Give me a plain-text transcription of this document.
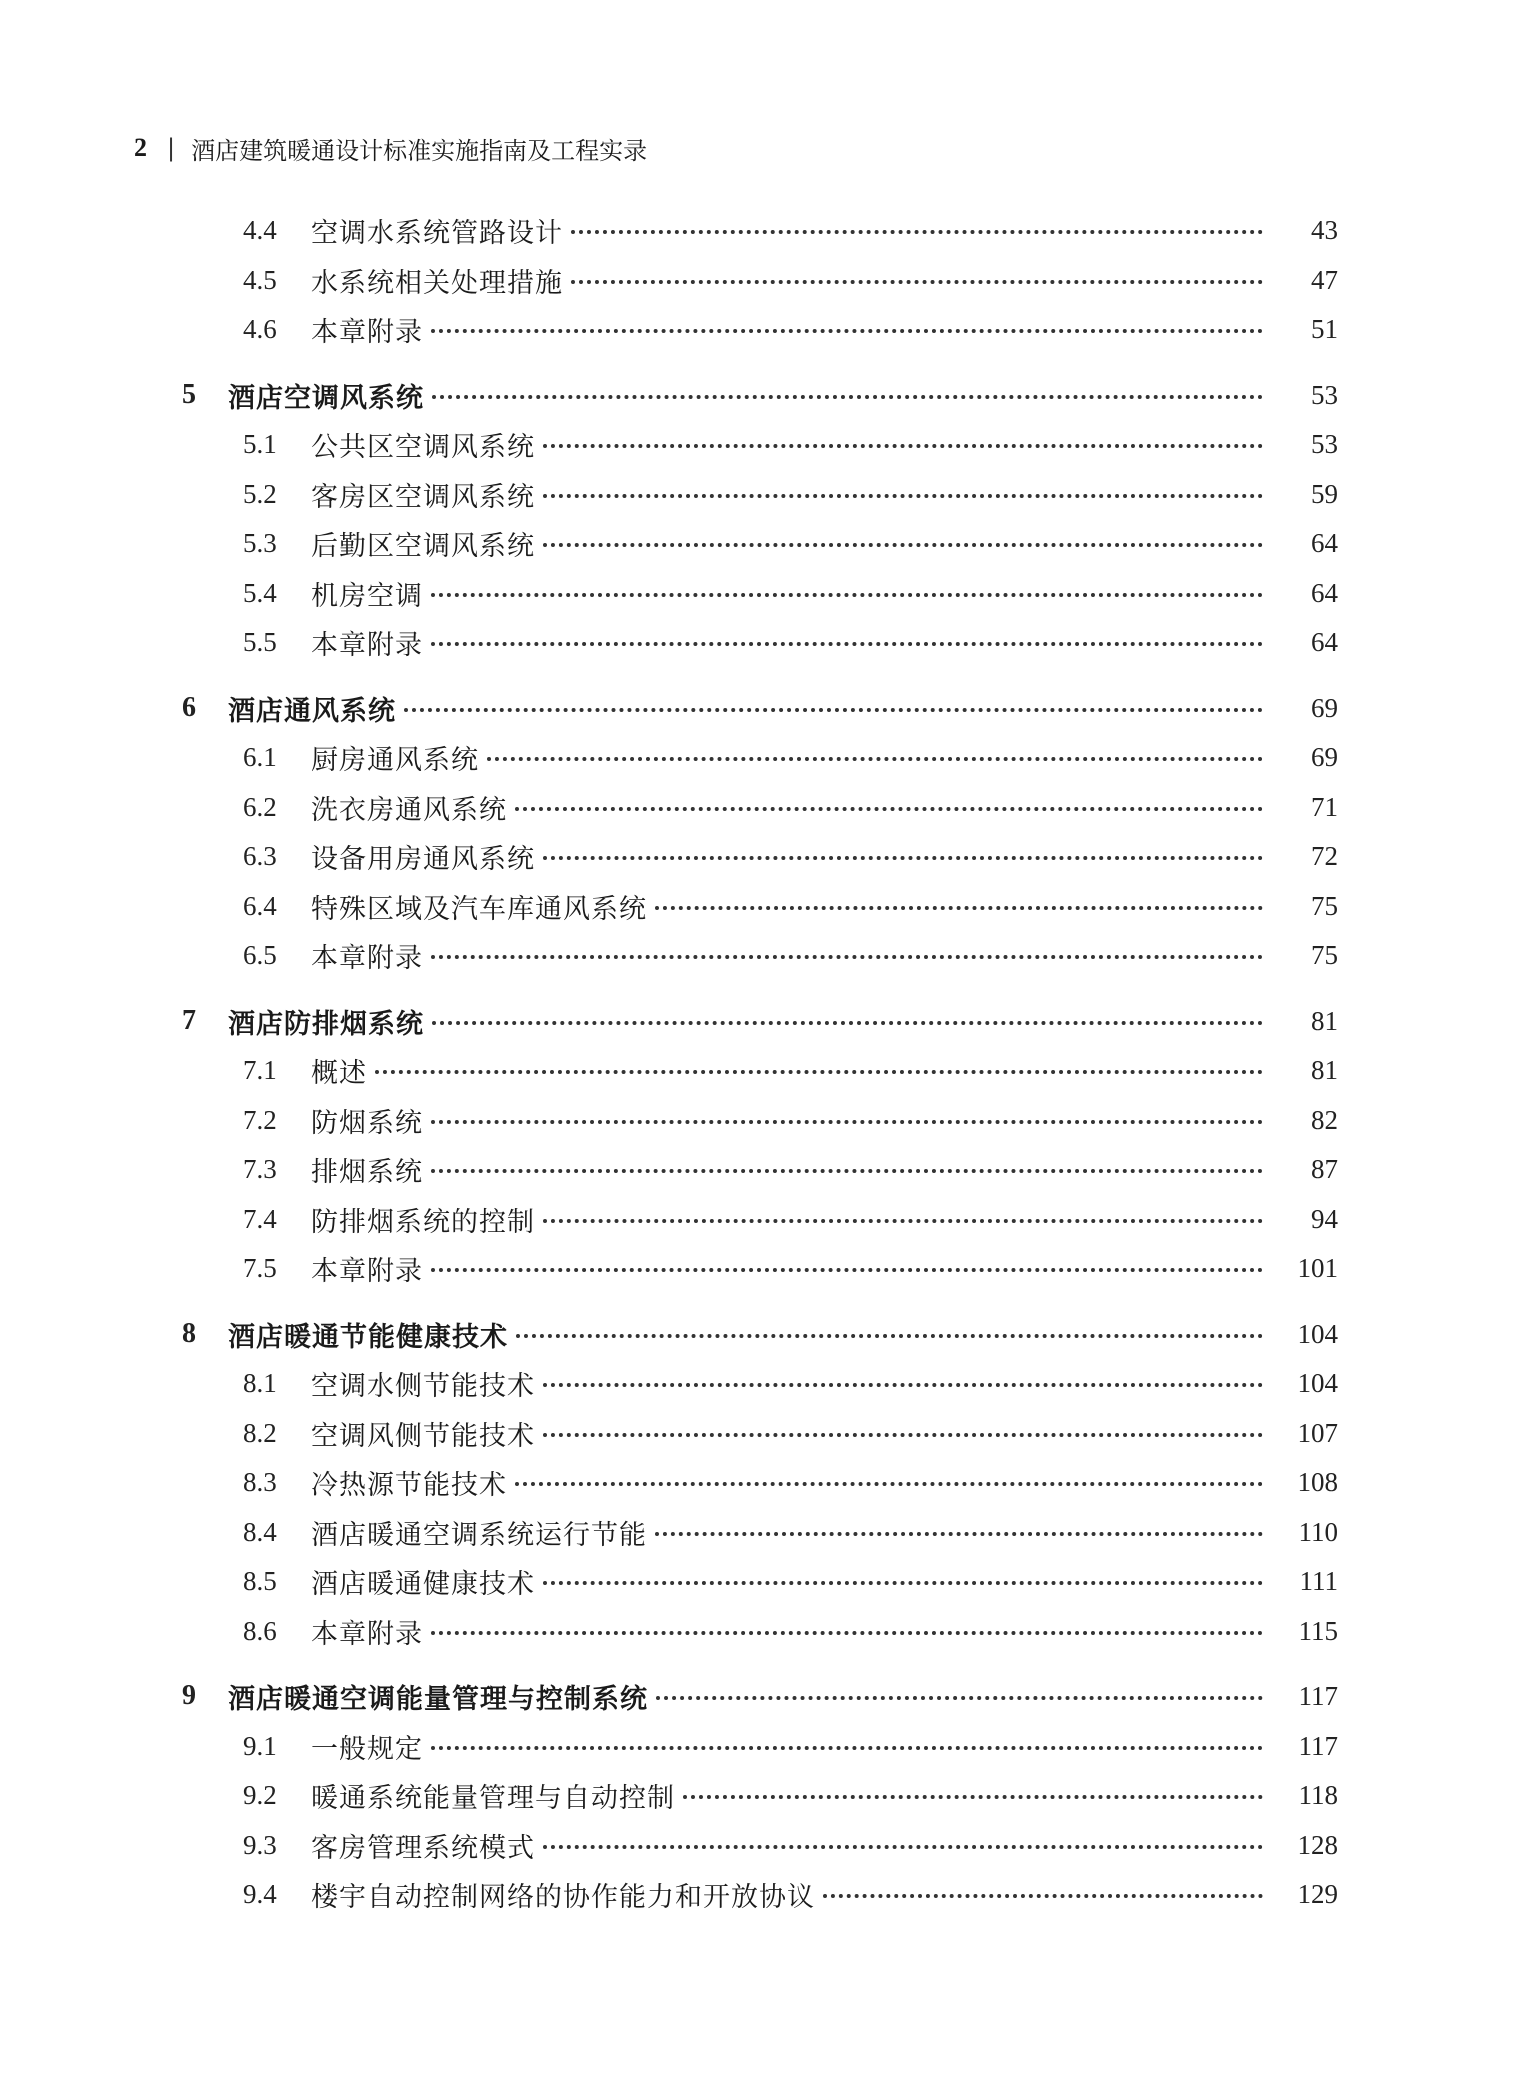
2 | 酒店建筑暖通设计标准实施指南及工程实录
4.4	空调水系统管路设计	43
4.5	水系统相关处理措施	47
4.6	本章附录	51
5	酒店空调风系统	53
5.1	公共区空调风系统	53
5.2	客房区空调风系统	59
5.3	后勤区空调风系统	64
5.4	机房空调	64
5.5	本章附录	64
6	酒店通风系统	69
6.1	厨房通风系统	69
6.2	洗衣房通风系统	71
6.3	设备用房通风系统	72
6.4	特殊区域及汽车库通风系统	75
6.5	本章附录	75
7	酒店防排烟系统	81
7.1	概述	81
7.2	防烟系统	82
7.3	排烟系统	87
7.4	防排烟系统的控制	94
7.5	本章附录	101
8	酒店暖通节能健康技术	104
8.1	空调水侧节能技术	104
8.2	空调风侧节能技术	107
8.3	冷热源节能技术	108
8.4	酒店暖通空调系统运行节能	110
8.5	酒店暖通健康技术	111
8.6	本章附录	115
9	酒店暖通空调能量管理与控制系统	117
9.1	一般规定	117
9.2	暖通系统能量管理与自动控制	118
9.3	客房管理系统模式	128
9.4	楼宇自动控制网络的协作能力和开放协议	129
